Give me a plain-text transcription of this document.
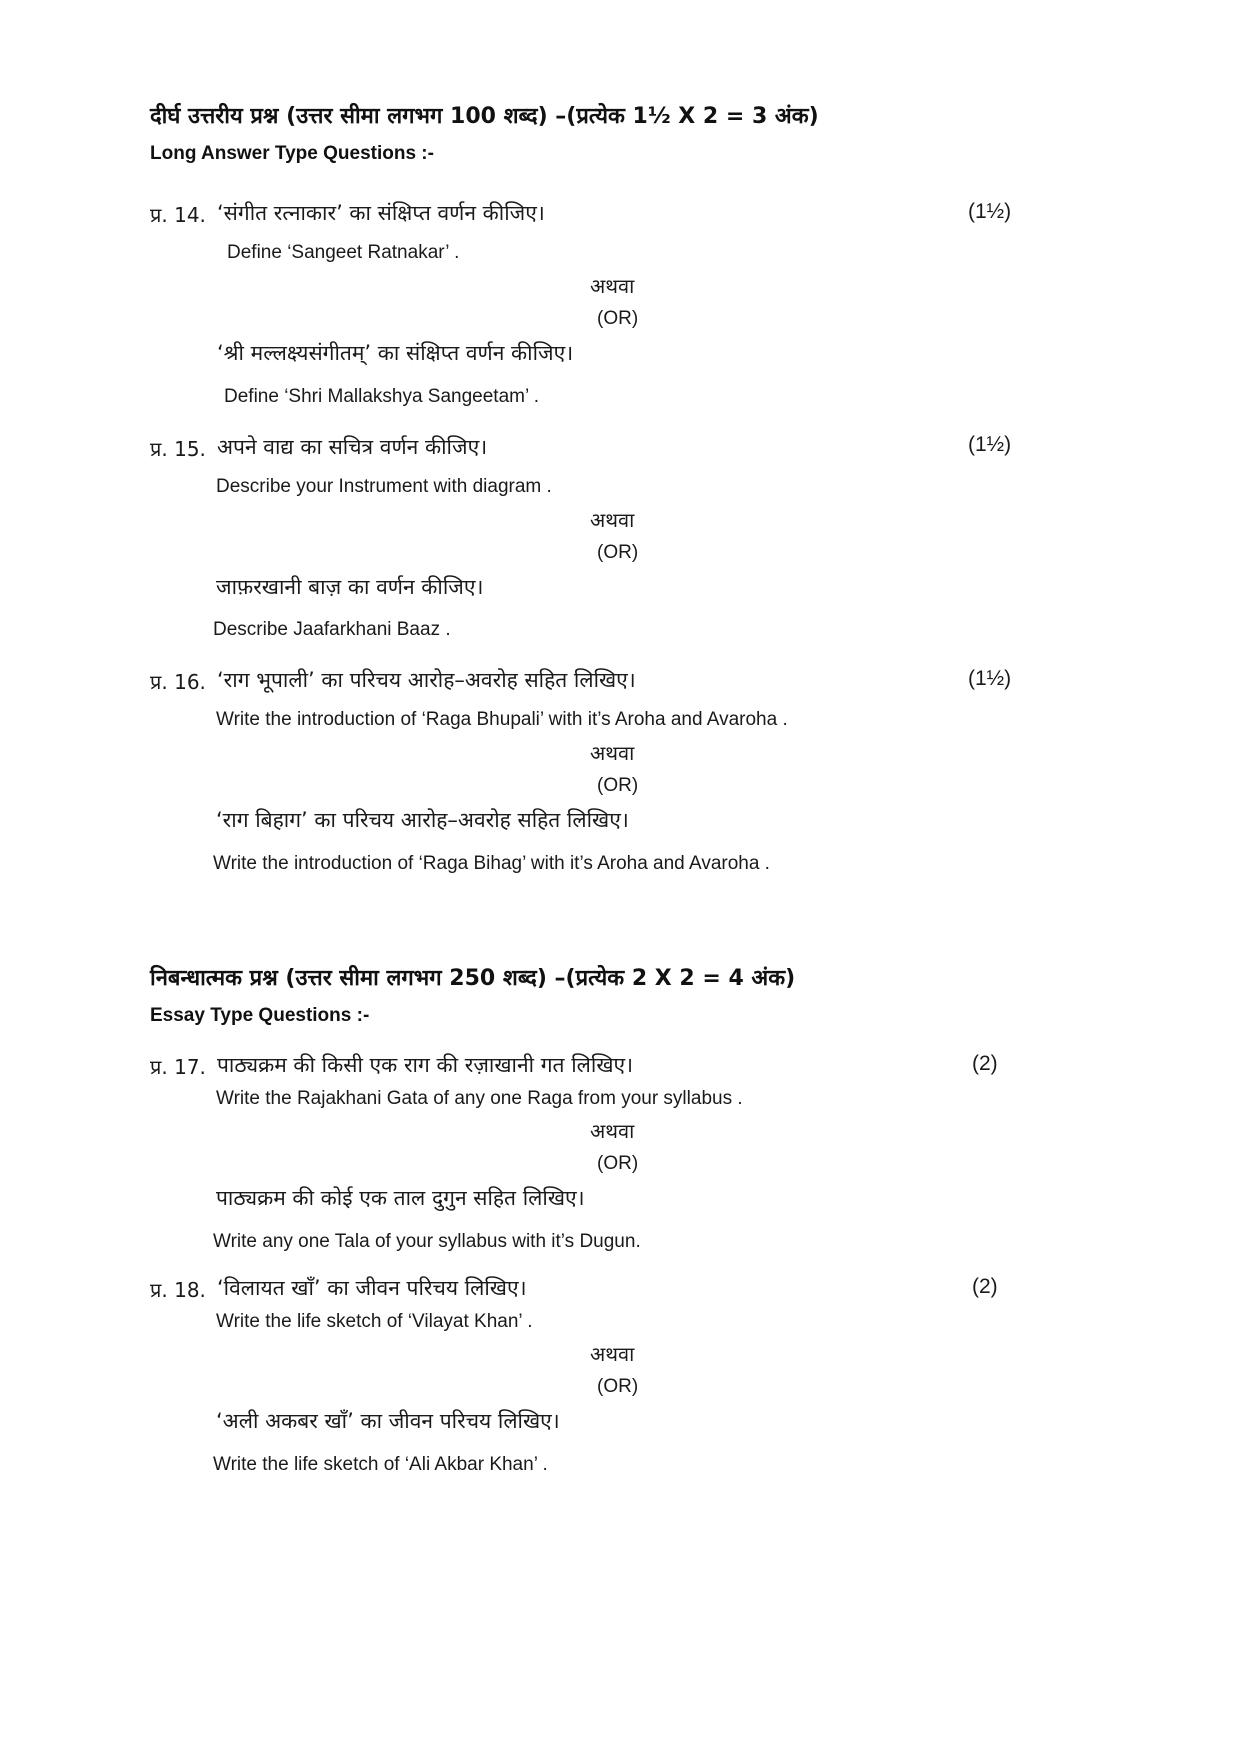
दीर्घ उत्तरीय प्रश्न (उत्तर सीमा लगभग 100 शब्द) –(प्रत्येक 1½ X 2 = 3 अंक)
Long Answer Type Questions :-
प्र. 14. ‘संगीत रत्नाकार’ का संक्षिप्त वर्णन कीजिए।	(1½)
Define ‘Sangeet Ratnakar’ .
अथवा
(OR)
‘श्री मल्लक्ष्यसंगीतम्’ का संक्षिप्त वर्णन कीजिए।
Define ‘Shri Mallakshya Sangeetam’ .
प्र. 15. अपने वाद्य का सचित्र वर्णन कीजिए।	(1½)
Describe your Instrument with diagram .
अथवा
(OR)
जाफ़रखानी बाज़ का वर्णन कीजिए।
Describe Jaafarkhani Baaz .
प्र. 16. ‘राग भूपाली’ का परिचय आरोह–अवरोह सहित लिखिए।	(1½)
Write the introduction of ‘Raga Bhupali’ with it’s Aroha and Avaroha .
अथवा
(OR)
‘राग बिहाग’ का परिचय आरोह–अवरोह सहित लिखिए।
Write the introduction of ‘Raga Bihag’ with it’s Aroha and Avaroha .
निबन्धात्मक प्रश्न (उत्तर सीमा लगभग 250 शब्द) –(प्रत्येक 2 X 2 = 4 अंक)
Essay Type Questions :-
प्र. 17. पाठ्यक्रम की किसी एक राग की रज़ाखानी गत लिखिए।	(2)
Write the Rajakhani Gata of any one Raga from your syllabus .
अथवा
(OR)
पाठ्यक्रम की कोई एक ताल दुगुन सहित लिखिए।
Write any one Tala of your syllabus with it’s Dugun.
प्र. 18. ‘विलायत खाँ’ का जीवन परिचय लिखिए।	(2)
Write the life sketch of ‘Vilayat Khan’ .
अथवा
(OR)
‘अली अकबर खाँ’ का जीवन परिचय लिखिए।
Write the life sketch of ‘Ali Akbar Khan’ .
